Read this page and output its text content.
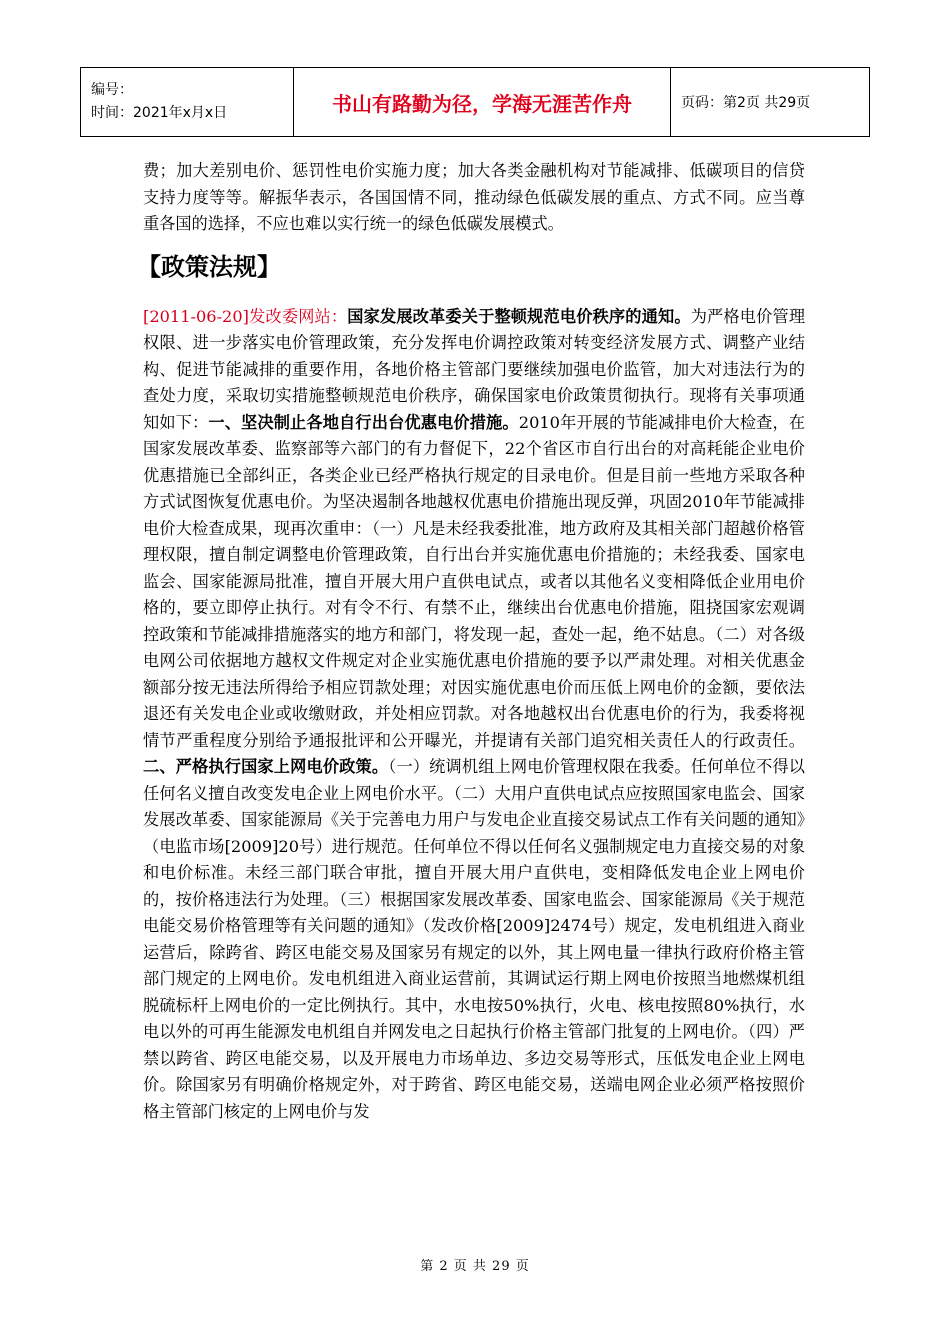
编号：
时间：2021年x月x日	书山有路勤为径，学海无涯苦作舟	页码：第2页 共29页

费；加大差别电价、惩罚性电价实施力度；加大各类金融机构对节能减排、低碳项目的信贷支持力度等等。解振华表示，各国国情不同，推动绿色低碳发展的重点、方式不同。应当尊重各国的选择，不应也难以实行统一的绿色低碳发展模式。

【政策法规】

[2011-06-20]发改委网站：国家发展改革委关于整顿规范电价秩序的通知。为严格电价管理权限、进一步落实电价管理政策，充分发挥电价调控政策对转变经济发展方式、调整产业结构、促进节能减排的重要作用，各地价格主管部门要继续加强电价监管，加大对违法行为的查处力度，采取切实措施整顿规范电价秩序，确保国家电价政策贯彻执行。现将有关事项通知如下：一、坚决制止各地自行出台优惠电价措施。2010年开展的节能减排电价大检查，在国家发展改革委、监察部等六部门的有力督促下，22个省区市自行出台的对高耗能企业电价优惠措施已全部纠正，各类企业已经严格执行规定的目录电价。但是目前一些地方采取各种方式试图恢复优惠电价。为坚决遏制各地越权优惠电价措施出现反弹，巩固2010年节能减排电价大检查成果，现再次重申：（一）凡是未经我委批准，地方政府及其相关部门超越价格管理权限，擅自制定调整电价管理政策，自行出台并实施优惠电价措施的；未经我委、国家电监会、国家能源局批准，擅自开展大用户直供电试点，或者以其他名义变相降低企业用电价格的，要立即停止执行。对有令不行、有禁不止，继续出台优惠电价措施，阻挠国家宏观调控政策和节能减排措施落实的地方和部门，将发现一起，查处一起，绝不姑息。（二）对各级电网公司依据地方越权文件规定对企业实施优惠电价措施的要予以严肃处理。对相关优惠金额部分按无违法所得给予相应罚款处理；对因实施优惠电价而压低上网电价的金额，要依法退还有关发电企业或收缴财政，并处相应罚款。对各地越权出台优惠电价的行为，我委将视情节严重程度分别给予通报批评和公开曝光，并提请有关部门追究相关责任人的行政责任。二、严格执行国家上网电价政策。（一）统调机组上网电价管理权限在我委。任何单位不得以任何名义擅自改变发电企业上网电价水平。（二）大用户直供电试点应按照国家电监会、国家发展改革委、国家能源局《关于完善电力用户与发电企业直接交易试点工作有关问题的通知》（电监市场[2009]20号）进行规范。任何单位不得以任何名义强制规定电力直接交易的对象和电价标准。未经三部门联合审批，擅自开展大用户直供电，变相降低发电企业上网电价的，按价格违法行为处理。（三）根据国家发展改革委、国家电监会、国家能源局《关于规范电能交易价格管理等有关问题的通知》（发改价格[2009]2474号）规定，发电机组进入商业运营后，除跨省、跨区电能交易及国家另有规定的以外，其上网电量一律执行政府价格主管部门规定的上网电价。发电机组进入商业运营前，其调试运行期上网电价按照当地燃煤机组脱硫标杆上网电价的一定比例执行。其中，水电按50%执行，火电、核电按照80%执行，水电以外的可再生能源发电机组自并网发电之日起执行价格主管部门批复的上网电价。（四）严禁以跨省、跨区电能交易，以及开展电力市场单边、多边交易等形式，压低发电企业上网电价。除国家另有明确价格规定外，对于跨省、跨区电能交易，送端电网企业必须严格按照价格主管部门核定的上网电价与发

第 2 页 共 29 页
